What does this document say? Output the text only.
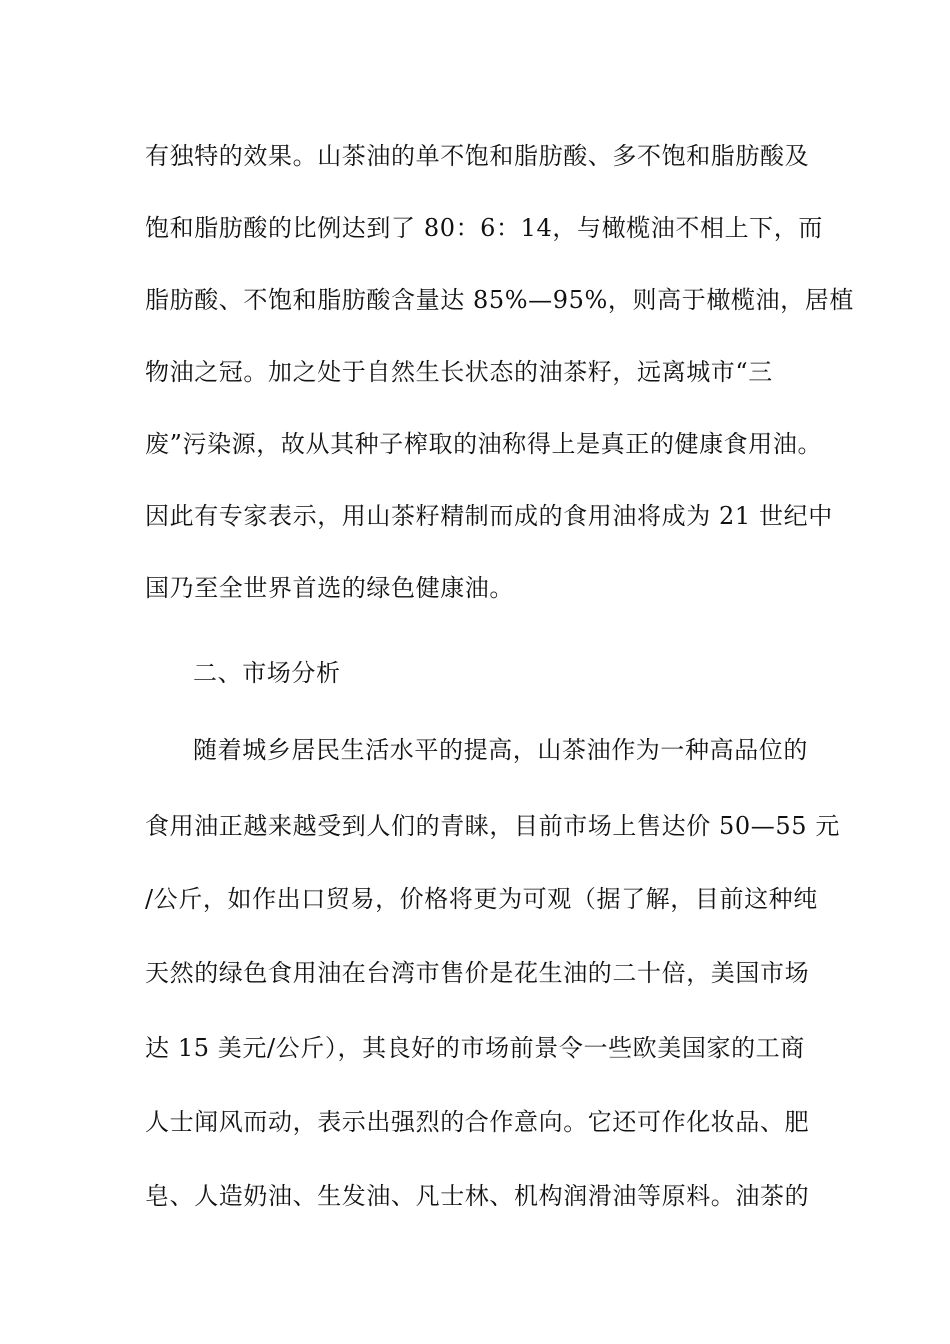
有独特的效果。山茶油的单不饱和脂肪酸、多不饱和脂肪酸及
饱和脂肪酸的比例达到了 80：6：14，与橄榄油不相上下，而
脂肪酸、不饱和脂肪酸含量达 85%—95%，则高于橄榄油，居植
物油之冠。加之处于自然生长状态的油茶籽，远离城市“三
废”污染源，故从其种子榨取的油称得上是真正的健康食用油。
因此有专家表示，用山茶籽精制而成的食用油将成为 21 世纪中
国乃至全世界首选的绿色健康油。
二、市场分析
随着城乡居民生活水平的提高，山茶油作为一种高品位的
食用油正越来越受到人们的青睐，目前市场上售达价 50—55 元
/公斤，如作出口贸易，价格将更为可观（据了解，目前这种纯
天然的绿色食用油在台湾市售价是花生油的二十倍，美国市场
达 15 美元/公斤），其良好的市场前景令一些欧美国家的工商
人士闻风而动，表示出强烈的合作意向。它还可作化妆品、肥
皂、人造奶油、生发油、凡士林、机构润滑油等原料。油茶的
